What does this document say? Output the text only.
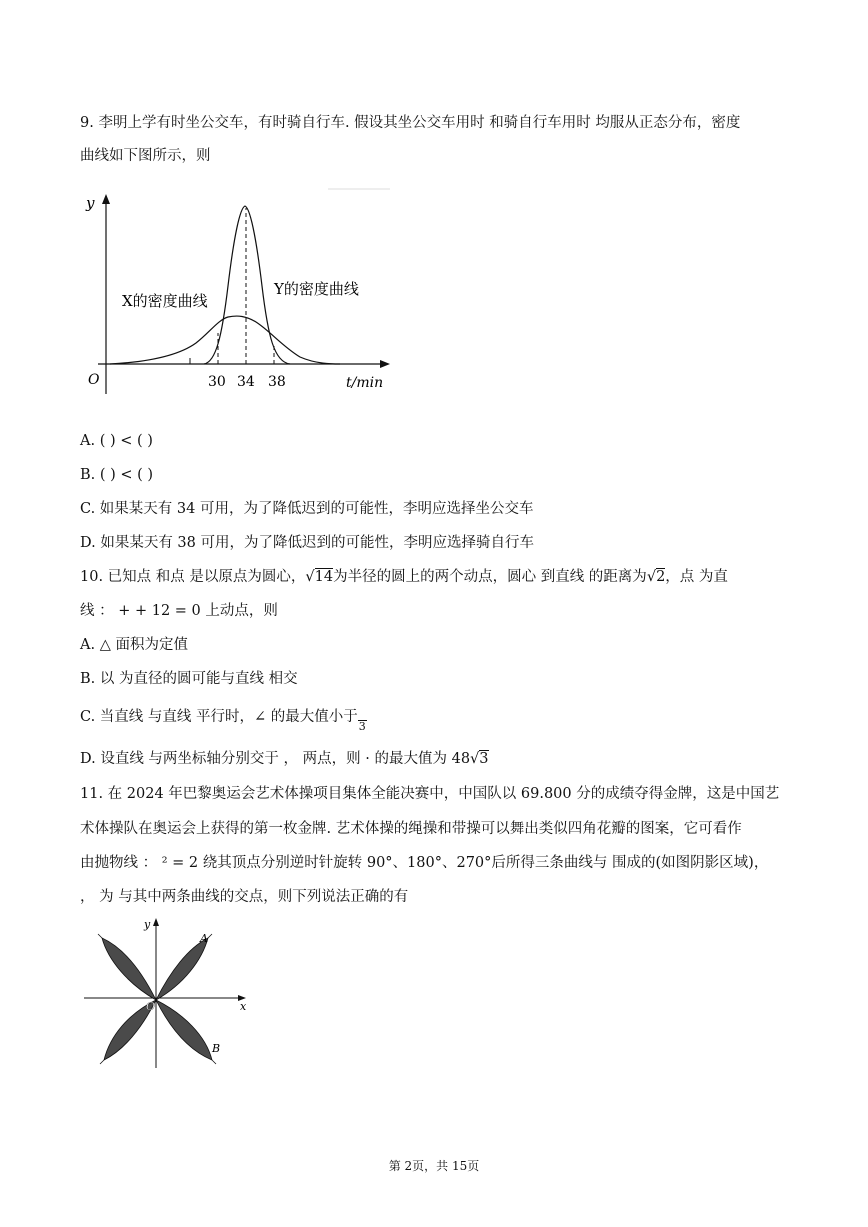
9. 李明上学有时坐公交车，有时骑自行车. 假设其坐公交车用时 和骑自行车用时 均服从正态分布，密度
曲线如下图所示，则
y
O	30 34 38	t/min
X的密度曲线
Y的密度曲线
A. ( ) < ( )
B. ( ) < ( )
C. 如果某天有 34 可用，为了降低迟到的可能性，李明应选择坐公交车
D. 如果某天有 38 可用，为了降低迟到的可能性，李明应选择骑自行车
10. 已知点 和点 是以原点为圆心，√14为半径的圆上的两个动点，圆心 到直线 的距离为√2，点 为直
线 ： + + 12 = 0 上动点，则
A. △ 面积为定值
B. 以 为直径的圆可能与直线 相交
C. 当直线 与直线 平行时，∠ 的最大值小于
3
D. 设直线 与两坐标轴分别交于 ， 两点，则 · 的最大值为 48√3
11. 在 2024 年巴黎奥运会艺术体操项目集体全能决赛中，中国队以 69.800 分的成绩夺得金牌，这是中国艺
术体操队在奥运会上获得的第一枚金牌. 艺术体操的绳操和带操可以舞出类似四角花瓣的图案，它可看作
由抛物线 ： ² = 2 绕其顶点分别逆时针旋转 90°、180°、270°后所得三条曲线与 围成的(如图阴影区域)，
， 为 与其中两条曲线的交点，则下列说法正确的有
x
y
O
A
B
第 2页，共 15页
